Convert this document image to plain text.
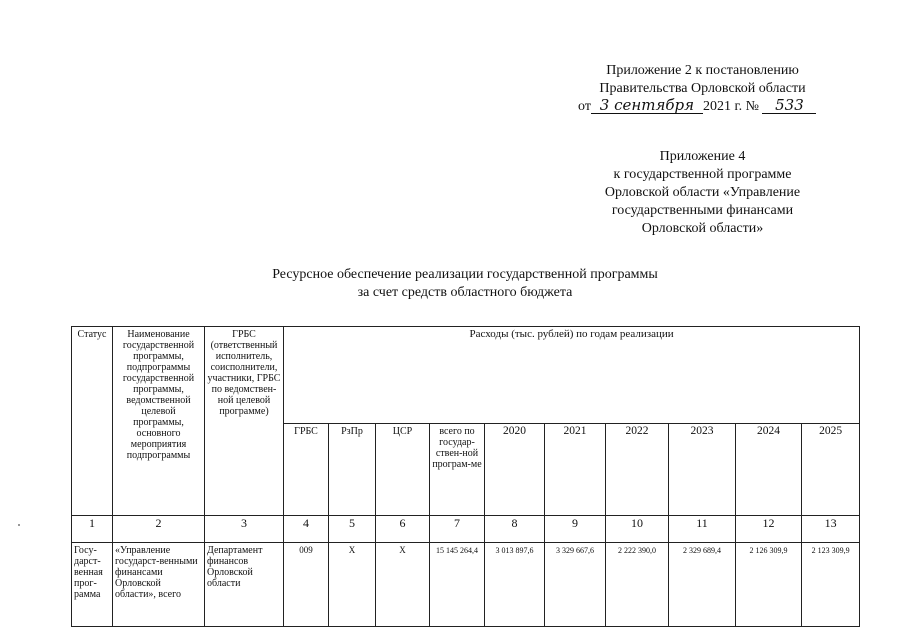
Приложение 2 к постановлению
Правительства Орловской области
от 3 сентября 2021 г. № 533
Приложение 4
к государственной программе
Орловской области «Управление
государственными финансами
Орловской области»
Ресурсное обеспечение реализации государственной программы
за счет средств областного бюджета
Статус	Наименование государственной программы, подпрограммы государственной программы, ведомственной целевой программы, основного мероприятия подпрограммы	ГРБС (ответственный исполнитель, соисполнители, участники, ГРБС по ведомствен-ной целевой программе)	Расходы (тыс. рублей) по годам реализации									
			ГРБС	РзПр	ЦСР	всего по государ-ствен-ной програм-ме	2020	2021	2022	2023	2024	2025
1	2	3	4	5	6	7	8	9	10	11	12	13
Госу-дарст-венная прог-рамма	«Управление государст-венными финансами Орловской области», всего	Департамент финансов Орловской области	009	Х	Х	15 145 264,4	3 013 897,6	3 329 667,6	2 222 390,0	2 329 689,4	2 126 309,9	2 123 309,9
